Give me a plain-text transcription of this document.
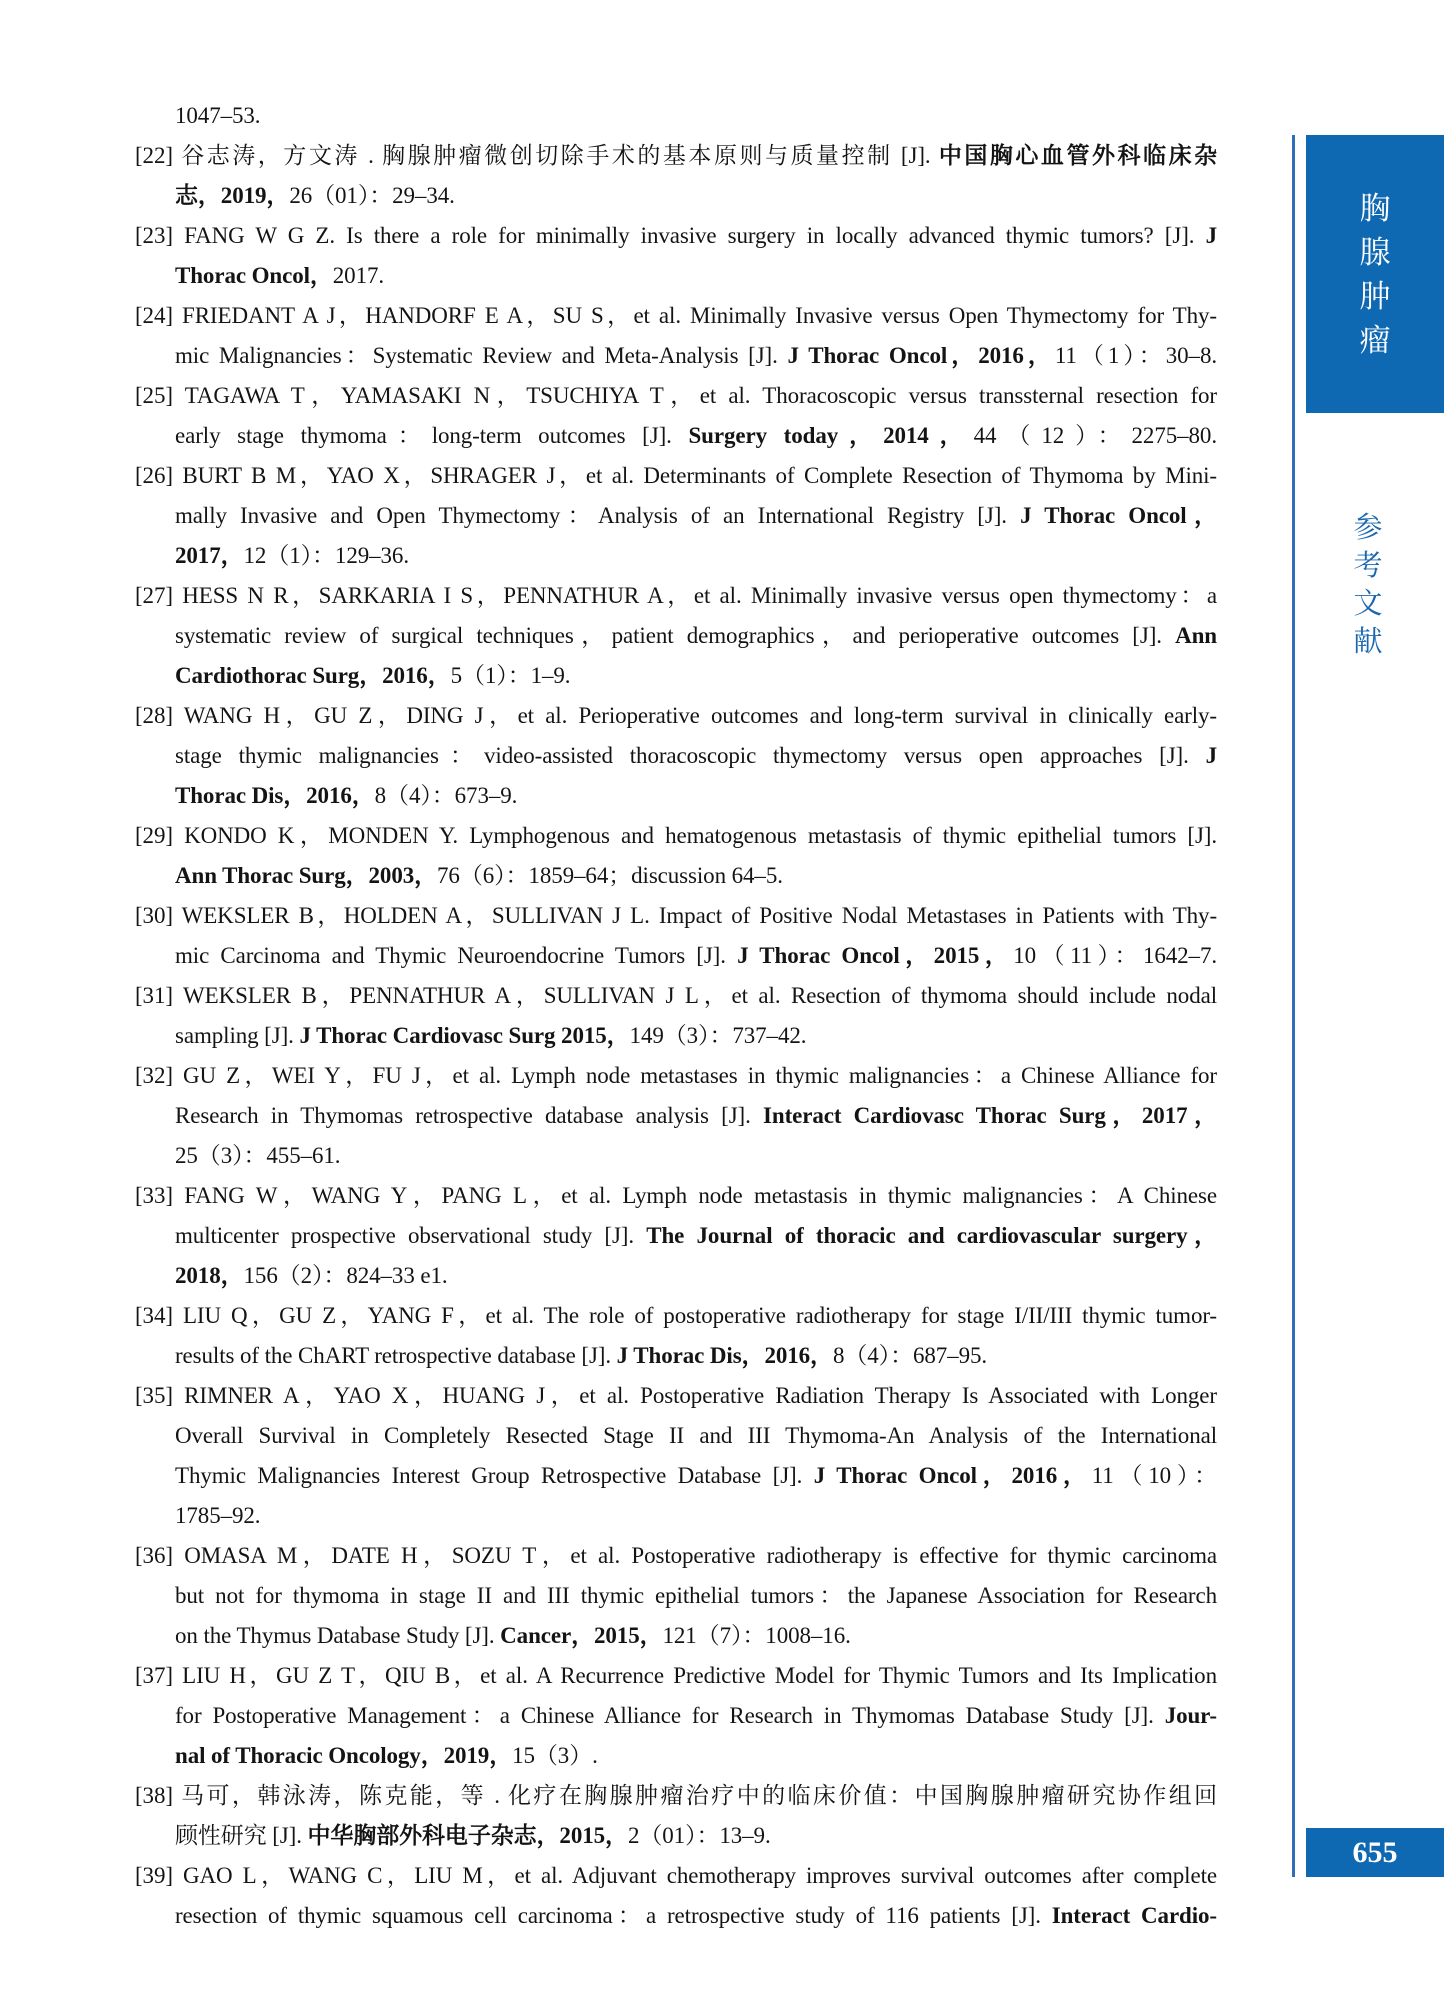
1047–53.
[22] 谷志涛，方文涛 . 胸腺肿瘤微创切除手术的基本原则与质量控制 [J]. 中国胸心血管外科临床杂
志，2019，26（01）：29–34.
[23] FANG W G Z. Is there a role for minimally invasive surgery in locally advanced thymic tumors? [J]. J
Thorac Oncol，2017.
[24] FRIEDANT A J，HANDORF E A，SU S，et al. Minimally Invasive versus Open Thymectomy for Thy-
mic Malignancies：Systematic Review and Meta-Analysis [J]. J Thorac Oncol，2016，11（1）：30–8.
[25] TAGAWA T，YAMASAKI N，TSUCHIYA T，et al. Thoracoscopic versus transsternal resection for
early stage thymoma：long-term outcomes [J]. Surgery today，2014，44（12）：2275–80.
[26] BURT B M，YAO X，SHRAGER J，et al. Determinants of Complete Resection of Thymoma by Mini-
mally Invasive and Open Thymectomy：Analysis of an International Registry [J]. J Thorac Oncol，
2017，12（1）：129–36.
[27] HESS N R，SARKARIA I S，PENNATHUR A，et al. Minimally invasive versus open thymectomy：a
systematic review of surgical techniques，patient demographics，and perioperative outcomes [J]. Ann
Cardiothorac Surg，2016，5（1）：1–9.
[28] WANG H，GU Z，DING J，et al. Perioperative outcomes and long-term survival in clinically early-
stage thymic malignancies：video-assisted thoracoscopic thymectomy versus open approaches [J]. J
Thorac Dis，2016，8（4）：673–9.
[29] KONDO K，MONDEN Y. Lymphogenous and hematogenous metastasis of thymic epithelial tumors [J].
Ann Thorac Surg，2003，76（6）：1859–64；discussion 64–5.
[30] WEKSLER B，HOLDEN A，SULLIVAN J L. Impact of Positive Nodal Metastases in Patients with Thy-
mic Carcinoma and Thymic Neuroendocrine Tumors [J]. J Thorac Oncol，2015，10（11）：1642–7.
[31] WEKSLER B，PENNATHUR A，SULLIVAN J L，et al. Resection of thymoma should include nodal
sampling [J]. J Thorac Cardiovasc Surg 2015，149（3）：737–42.
[32] GU Z，WEI Y，FU J，et al. Lymph node metastases in thymic malignancies：a Chinese Alliance for
Research in Thymomas retrospective database analysis [J]. Interact Cardiovasc Thorac Surg，2017，
25（3）：455–61.
[33] FANG W，WANG Y，PANG L，et al. Lymph node metastasis in thymic malignancies：A Chinese
multicenter prospective observational study [J]. The Journal of thoracic and cardiovascular surgery，
2018，156（2）：824–33 e1.
[34] LIU Q，GU Z，YANG F，et al. The role of postoperative radiotherapy for stage I/II/III thymic tumor-
results of the ChART retrospective database [J]. J Thorac Dis，2016，8（4）：687–95.
[35] RIMNER A，YAO X，HUANG J，et al. Postoperative Radiation Therapy Is Associated with Longer
Overall Survival in Completely Resected Stage II and III Thymoma-An Analysis of the International
Thymic Malignancies Interest Group Retrospective Database [J]. J Thorac Oncol，2016，11（10）：
1785–92.
[36] OMASA M，DATE H，SOZU T，et al. Postoperative radiotherapy is effective for thymic carcinoma
but not for thymoma in stage II and III thymic epithelial tumors：the Japanese Association for Research
on the Thymus Database Study [J]. Cancer，2015，121（7）：1008–16.
[37] LIU H，GU Z T，QIU B，et al. A Recurrence Predictive Model for Thymic Tumors and Its Implication
for Postoperative Management：a Chinese Alliance for Research in Thymomas Database Study [J]. Jour-
nal of Thoracic Oncology，2019，15（3）.
[38] 马可，韩泳涛，陈克能，等 . 化疗在胸腺肿瘤治疗中的临床价值：中国胸腺肿瘤研究协作组回
顾性研究 [J]. 中华胸部外科电子杂志，2015，2（01）：13–9.
[39] GAO L，WANG C，LIU M，et al. Adjuvant chemotherapy improves survival outcomes after complete
resection of thymic squamous cell carcinoma：a retrospective study of 116 patients [J]. Interact Cardio-
胸
腺
肿
瘤
参
考
文
献
655
